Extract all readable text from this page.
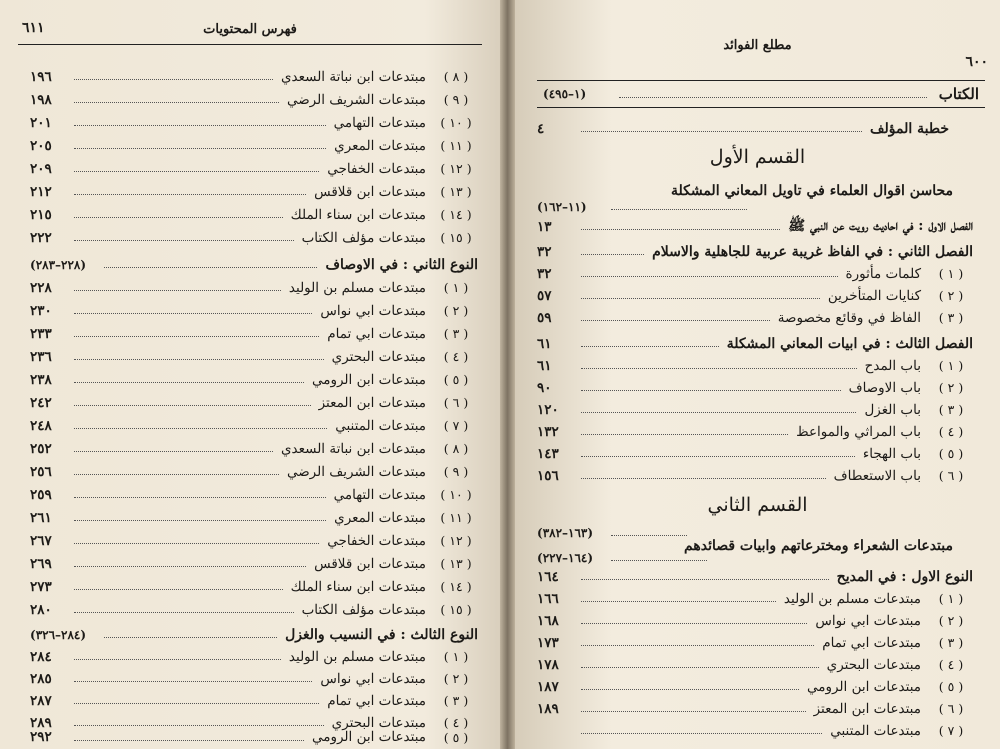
٦١١	فهرس المحتويات
( ٨ )
مبتدعات ابن نباتة السعدي
١٩٦
( ٩ )
مبتدعات الشريف الرضي
١٩٨
( ١٠ )
مبتدعات التهامي
٢٠١
( ١١ )
مبتدعات المعري
٢٠٥
( ١٢ )
مبتدعات الخفاجي
٢٠٩
( ١٣ )
مبتدعات ابن قلاقس
٢١٢
( ١٤ )
مبتدعات ابن سناء الملك
٢١٥
( ١٥ )
مبتدعات مؤلف الكتاب
٢٢٢
النوع الثاني : في الاوصاف
(٢٢٨–٢٨٣)
( ١ )
مبتدعات مسلم بن الوليد
٢٢٨
( ٢ )
مبتدعات ابي نواس
٢٣٠
( ٣ )
مبتدعات ابي تمام
٢٣٣
( ٤ )
مبتدعات البحتري
٢٣٦
( ٥ )
مبتدعات ابن الرومي
٢٣٨
( ٦ )
مبتدعات ابن المعتز
٢٤٢
( ٧ )
مبتدعات المتنبي
٢٤٨
( ٨ )
مبتدعات ابن نباتة السعدي
٢٥٢
( ٩ )
مبتدعات الشريف الرضي
٢٥٦
( ١٠ )
مبتدعات التهامي
٢٥٩
( ١١ )
مبتدعات المعري
٢٦١
( ١٢ )
مبتدعات الخفاجي
٢٦٧
( ١٣ )
مبتدعات ابن قلاقس
٢٦٩
( ١٤ )
مبتدعات ابن سناء الملك
٢٧٣
( ١٥ )
مبتدعات مؤلف الكتاب
٢٨٠
النوع الثالث : في النسيب والغزل
(٢٨٤–٣٢٦)
( ١ )
مبتدعات مسلم بن الوليد
٢٨٤
( ٢ )
مبتدعات ابي نواس
٢٨٥
( ٣ )
مبتدعات ابي تمام
٢٨٧
( ٤ )
مبتدعات البحتري
٢٨٩
( ٥ )
مبتدعات ابن الرومي
٢٩٢
مطلع الفوائد
٦٠٠
الكتاب
(١–٤٩٥)
خطبة المؤلف
٤
القسم الأول
محاسن اقوال العلماء في تاويل المعاني المشكلة
(١١–١٦٢)
الفصل الاول : في احاديث رويت عن النبي ﷺ
١٣
الفصل الثاني : في الفاظ غريبة عربية للجاهلية والاسلام
٣٢
( ١ )
كلمات مأثورة
٣٢
( ٢ )
كنايات المتأخرين
٥٧
( ٣ )
الفاظ في وقائع مخصوصة
٥٩
الفصل الثالث : في ابيات المعاني المشكلة
٦١
( ١ )
باب المدح
٦١
( ٢ )
باب الاوصاف
٩٠
( ٣ )
باب الغزل
١٢٠
( ٤ )
باب المراثي والمواعظ
١٣٢
( ٥ )
باب الهجاء
١٤٣
( ٦ )
باب الاستعطاف
١٥٦
القسم الثاني
(١٦٣–٣٨٢)
مبتدعات الشعراء ومخترعاتهم وابيات قصائدهم
(١٦٤–٢٢٧)
النوع الاول : في المديح
١٦٤
( ١ )
مبتدعات مسلم بن الوليد
١٦٦
( ٢ )
مبتدعات ابي نواس
١٦٨
( ٣ )
مبتدعات ابي تمام
١٧٣
( ٤ )
مبتدعات البحتري
١٧٨
( ٥ )
مبتدعات ابن الرومي
١٨٧
( ٦ )
مبتدعات ابن المعتز
١٨٩
( ٧ )
مبتدعات المتنبي
